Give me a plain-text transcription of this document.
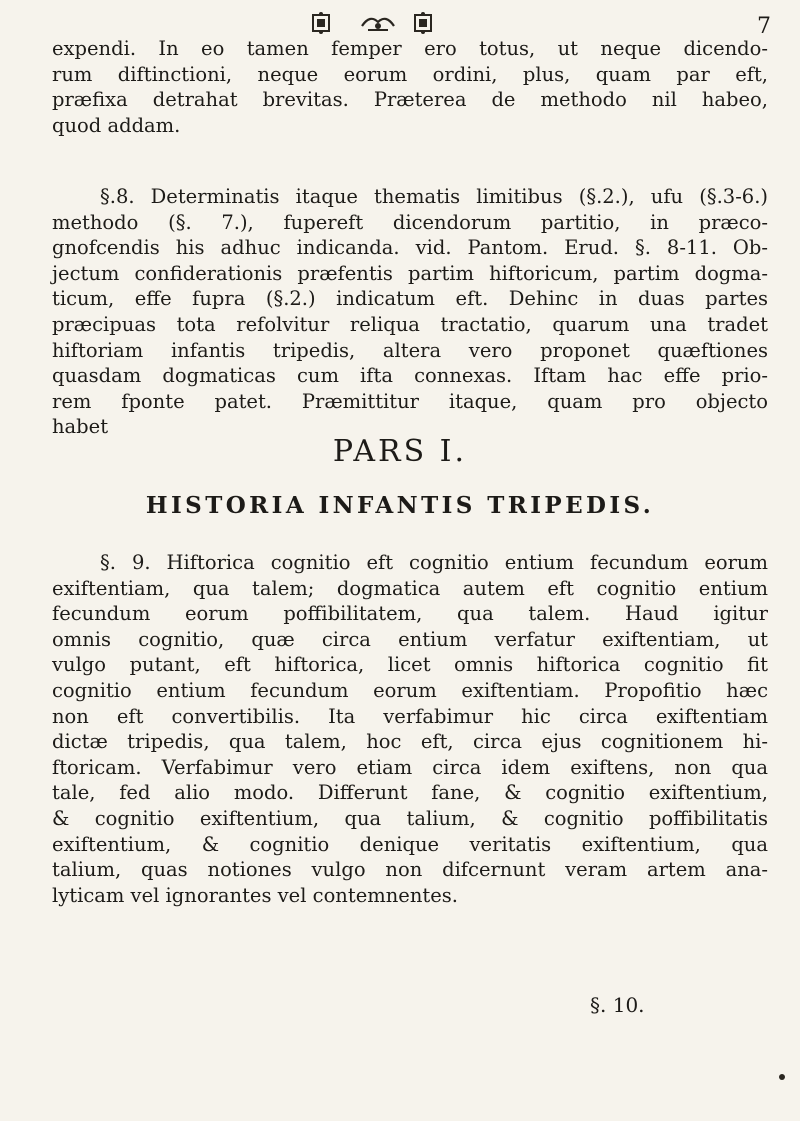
7
expendi. In eo tamen femper ero totus, ut neque dicendo-
rum diftinctioni, neque eorum ordini, plus, quam par eft,
præfixa detrahat brevitas. Præterea de methodo nil habeo,
quod addam.
§.8. Determinatis itaque thematis limitibus (§.2.), ufu (§.3-6.)
methodo (§. 7.), fupereft dicendorum partitio, in præco-
gnofcendis his adhuc indicanda. vid. Pantom. Erud. §. 8-11. Ob-
jectum confiderationis præfentis partim hiftoricum, partim dogma-
ticum, effe fupra (§.2.) indicatum eft. Dehinc in duas partes
præcipuas tota refolvitur reliqua tractatio, quarum una tradet
hiftoriam infantis tripedis, altera vero proponet quæftiones
quasdam dogmaticas cum ifta connexas. Iftam hac effe prio-
rem fponte patet. Præmittitur itaque, quam pro objecto
habet
PARS I.
HISTORIA INFANTIS TRIPEDIS.
§. 9. Hiftorica cognitio eft cognitio entium fecundum eorum
exiftentiam, qua talem; dogmatica autem eft cognitio entium
fecundum eorum poffibilitatem, qua talem. Haud igitur
omnis cognitio, quæ circa entium verfatur exiftentiam, ut
vulgo putant, eft hiftorica, licet omnis hiftorica cognitio fit
cognitio entium fecundum eorum exiftentiam. Propofitio hæc
non eft convertibilis. Ita verfabimur hic circa exiftentiam
dictæ tripedis, qua talem, hoc eft, circa ejus cognitionem hi-
ftoricam. Verfabimur vero etiam circa idem exiftens, non qua
tale, fed alio modo. Differunt fane, & cognitio exiftentium,
& cognitio exiftentium, qua talium, & cognitio poffibilitatis
exiftentium, & cognitio denique veritatis exiftentium, qua
talium, quas notiones vulgo non difcernunt veram artem ana-
lyticam vel ignorantes vel contemnentes.
§. 10.
